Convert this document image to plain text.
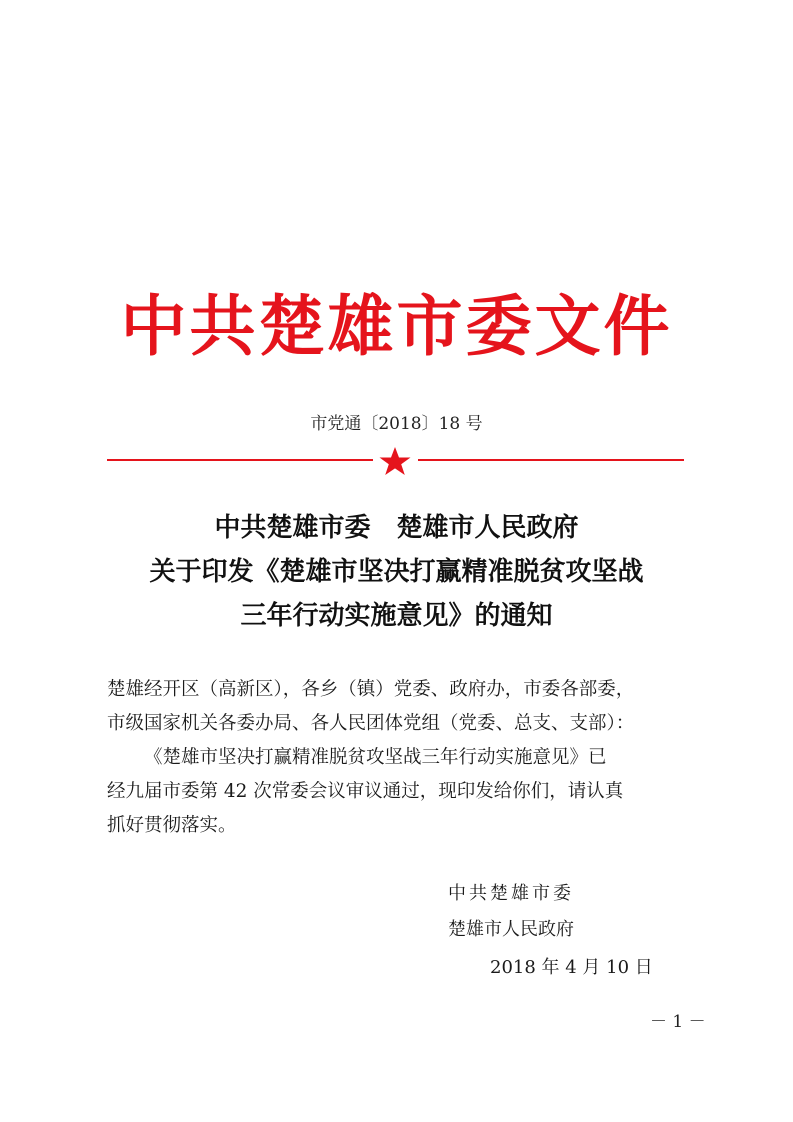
中共楚雄市委文件
市党通〔2018〕18 号
中共楚雄市委　楚雄市人民政府
关于印发《楚雄市坚决打赢精准脱贫攻坚战
三年行动实施意见》的通知
楚雄经开区（高新区），各乡（镇）党委、政府办，市委各部委，
市级国家机关各委办局、各人民团体党组（党委、总支、支部）：
《楚雄市坚决打赢精准脱贫攻坚战三年行动实施意见》已
经九届市委第 42 次常委会议审议通过，现印发给你们，请认真
抓好贯彻落实。
中共楚雄市委
楚雄市人民政府
2018 年 4 月 10 日
－ 1 －
